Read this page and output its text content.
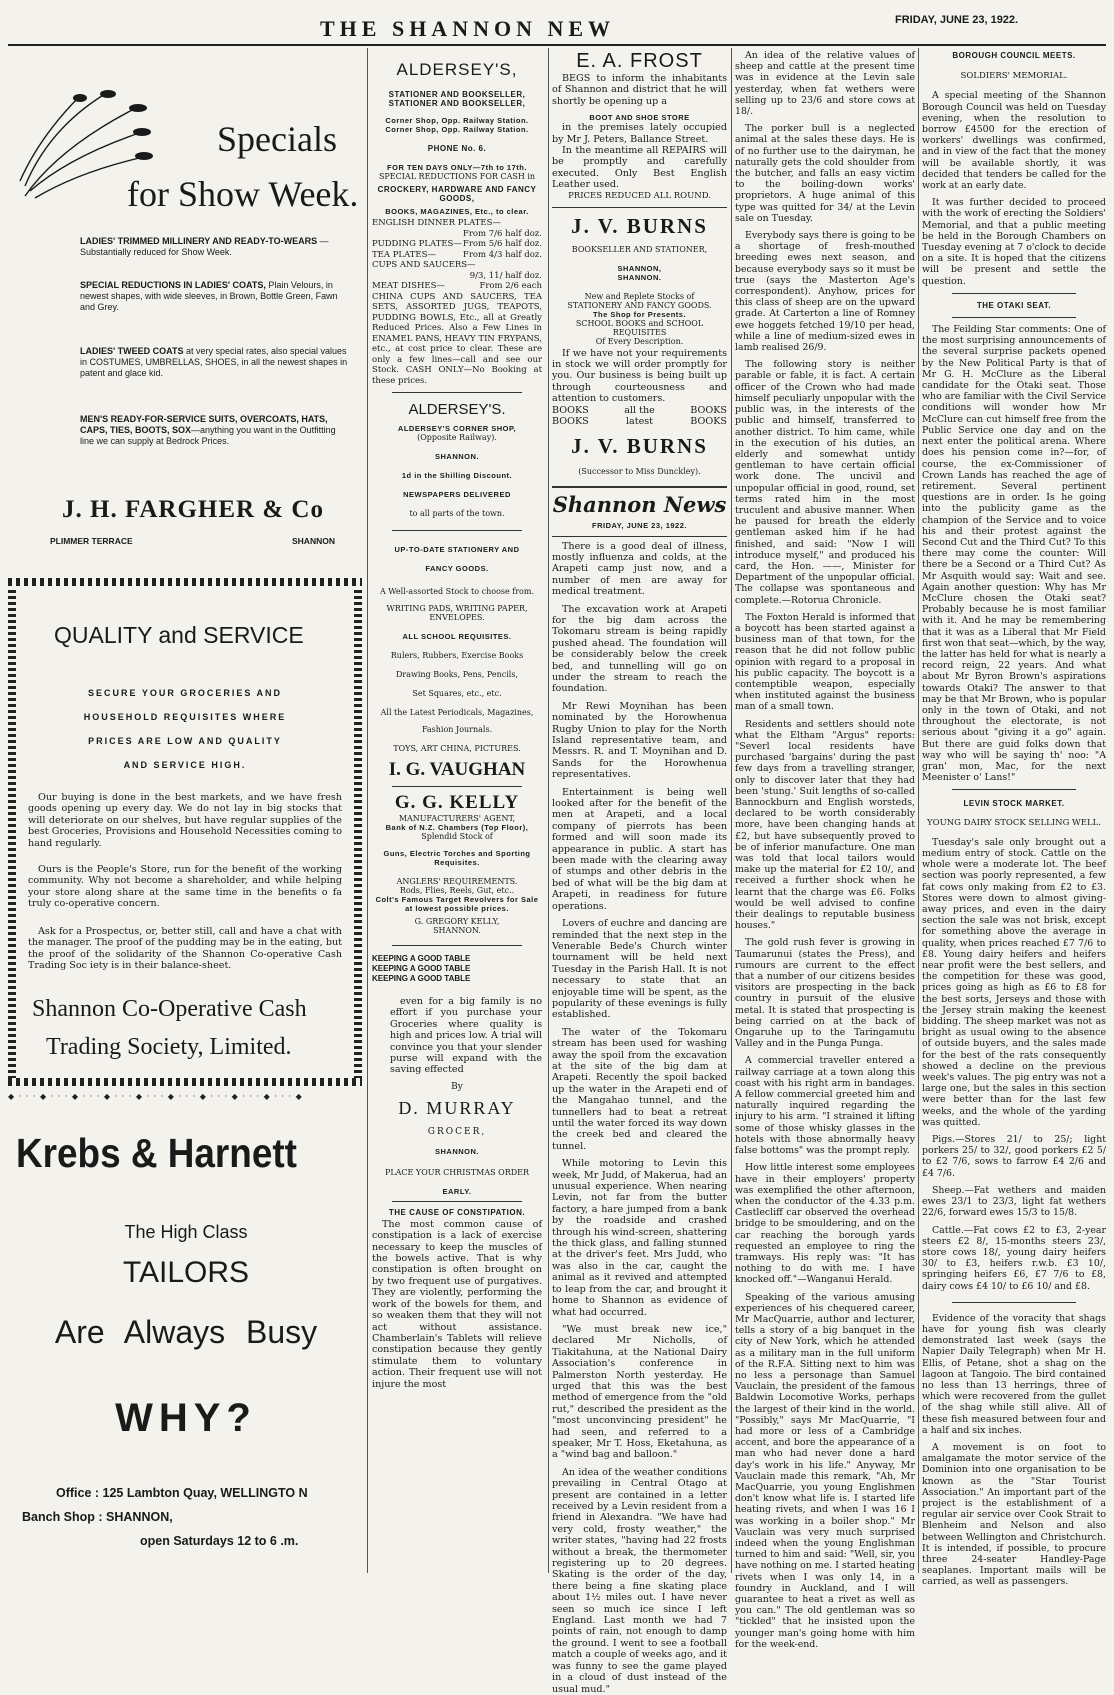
THE SHANNON NEW	FRIDAY, JUNE 23, 1922.
Specials
for Show Week.
LADIES' TRIMMED MILLINERY AND READY-TO-WEARS — Substantially reduced for Show Week.
SPECIAL REDUCTIONS IN LADIES' COATS, Plain Velours, in newest shapes, with wide sleeves, in Brown, Bottle Green, Fawn and Grey.
LADIES' TWEED COATS at very special rates, also special values in COSTUMES, UMBRELLAS, SHOES, in all the newest shapes in patent and glace kid.
MEN'S READY-FOR-SERVICE SUITS, OVERCOATS, HATS, CAPS, TIES, BOOTS, SOX—anything you want in the Outfitting line we can supply at Bedrock Prices.
J. H. FARGHER & Co
PLIMMER TERRACE	SHANNON
QUALITY and SERVICE
SECURE YOUR GROCERIES AND
HOUSEHOLD REQUISITES WHERE
PRICES ARE LOW AND QUALITY
AND SERVICE HIGH.

Our buying is done in the best markets, and we have fresh goods opening up every day. We do not lay in big stocks that will deteriorate on our shelves, but have regular supplies of the best Groceries, Provisions and Household Necessities coming to hand regularly.

Ours is the People's Store, run for the benefit of the working community. Why not become a shareholder, and while helping your store along share at the same time in the benefits o fa truly co-operative concern.

Ask for a Prospectus, or, better still, call and have a chat with the manager. The proof of the pudding may be in the eating, but the proof of the solidarity of the Shannon Co-operative Cash Trading Soc iety is in their balance-sheet.

Shannon Co-Operative Cash
Trading Society, Limited.
◆ · · · ◆ · · · ◆ · · · ◆ · · · ◆ · · · ◆ · · · ◆ · · · ◆ · · · ◆ · · · ◆
Krebs & Harnett
The High Class
TAILORS
Are Always Busy
WHY?
Office : 125 Lambton Quay, WELLINGTO N
Banch Shop : SHANNON,
open Saturdays 12 to 6 .m.
ALDERSEY'S,
STATIONER AND BOOKSELLER,
STATIONER AND BOOKSELLER,
Corner Shop, Opp. Railway Station.
Corner Shop, Opp. Railway Station.
PHONE No. 6.
FOR TEN DAYS ONLY—7th to 17th.
SPECIAL REDUCTIONS FOR CASH in
CROCKERY, HARDWARE AND FANCY GOODS,
BOOKS, MAGAZINES, Etc., to clear.
ENGLISH DINNER PLATES—
From 7/6 half doz.
PUDDING PLATES— From 5/6 half doz.
TEA PLATES—	From 4/3 half doz.
CUPS AND SAUCERS—
9/3, 11/ half doz.
MEAT DISHES—	From 2/6 each

CHINA CUPS AND SAUCERS, TEA SETS, ASSORTED JUGS, TEAPOTS, PUDDING BOWLS, Etc., all at Greatly Reduced Prices. Also a Few Lines in ENAMEL PANS, HEAVY TIN FRYPANS, etc., at cost price to clear. These are only a few lines—call and see our Stock. CASH ONLY—No Booking at these prices.

ALDERSEY'S.
ALDERSEY'S CORNER SHOP,
(Opposite Railway).
SHANNON.
1d in the Shilling Discount.
NEWSPAPERS DELIVERED
to all parts of the town.
UP-TO-DATE STATIONERY AND
FANCY GOODS.
A Well-assorted Stock to choose from.
WRITING PADS, WRITING PAPER, ENVELOPES.
ALL SCHOOL REQUISITES.
Rulers, Rubbers, Exercise Books
Drawing Books, Pens, Pencils,
Set Squares, etc., etc.
All the Latest Periodicals, Magazines,
Fashion Journals.
TOYS, ART CHINA, PICTURES.
I. G. VAUGHAN
G. G. KELLY
MANUFACTURERS' AGENT,
Bank of N.Z. Chambers (Top Floor),
Splendid Stock of
Guns, Electric Torches and Sporting Requisites.
ANGLERS' REQUIREMENTS.
Rods, Flies, Reels, Gut, etc..
Colt's Famous Target Revolvers for Sale at lowest possible prices.
G. GREGORY KELLY,
SHANNON.
KEEPING A GOOD TABLE
KEEPING A GOOD TABLE
KEEPING A GOOD TABLE

even for a big family is no effort if you purchase your Groceries where quality is high and prices low. A trial will convince you that your slender purse will expand with the saving effected

By
D. MURRAY
GROCER,
SHANNON.
PLACE YOUR CHRISTMAS ORDER
EARLY.
THE CAUSE OF CONSTIPATION.

The most common cause of constipation is a lack of exercise necessary to keep the muscles of the bowels active. That is why constipation is often brought on by two frequent use of purgatives. They are violently, performing the work of the bowels for them, and so weaken them that they will not act without assistance. Chamberlain's Tablets will relieve constipation because they gently stimulate them to voluntary action. Their frequent use will not injure the most

E. A. FROST

BEGS to inform the inhabitants of Shannon and district that he will shortly be opening up a

BOOT AND SHOE STORE

in the premises lately occupied by Mr J. Peters, Ballance Street.

In the meantime all REPAIRS will be promptly and carefully executed. Only Best English Leather used.

PRICES REDUCED ALL ROUND.
J. V. BURNS
BOOKSELLER AND STATIONER,
SHANNON,
SHANNON.
New and Replete Stocks of
STATIONERY AND FANCY GOODS.
The Shop for Presents.
SCHOOL BOOKS and SCHOOL REQUISITES
Of Every Description.

If we have not your requirements in stock we will order promptly for you. Our business is being built up through courteousness and attention to customers.

BOOKS	all the	BOOKS
BOOKS	latest	BOOKS
J. V. BURNS
(Successor to Miss Dunckley).
Shannon News
FRIDAY, JUNE 23, 1922.

There is a good deal of illness, mostly influenza and colds, at the Arapeti camp just now, and a number of men are away for medical treatment.

The excavation work at Arapeti for the big dam across the Tokomaru stream is being rapidly pushed ahead. The foundation will be considerably below the creek bed, and tunnelling will go on under the stream to reach the foundation.

Mr Rewi Moynihan has been nominated by the Horowhenua Rugby Union to play for the North Island representative team, and Messrs. R. and T. Moynihan and D. Sands for the Horowhenua representatives.

Entertainment is being well looked after for the benefit of the men at Arapeti, and a local company of pierrots has been formed and will soon made its appearance in public. A start has been made with the clearing away of stumps and other debris in the bed of what will be the big dam at Arapeti, in readiness for future operations.

Lovers of euchre and dancing are reminded that the next step in the Venerable Bede's Church winter tournament will be held next Tuesday in the Parish Hall. It is not necessary to state that an enjoyable time will be spent, as the popularity of these evenings is fully established.

The water of the Tokomaru stream has been used for washing away the spoil from the excavation at the site of the big dam at Arapeti. Recently the spoil backed up the water in the Arapeti end of the Mangahao tunnel, and the tunnellers had to beat a retreat until the water forced its way down the creek bed and cleared the tunnel.

While motoring to Levin this week, Mr Judd, of Makerua, had an unusual experience. When nearing Levin, not far from the butter factory, a hare jumped from a bank by the roadside and crashed through his wind-screen, shattering the thick glass, and falling stunned at the driver's feet. Mrs Judd, who was also in the car, caught the animal as it revived and attempted to leap from the car, and brought it home to Shannon as evidence of what had occurred.

"We must break new ice," declared Mr Nicholls, of Tiakitahuna, at the National Dairy Association's conference in Palmerston North yesterday. He urged that this was the best method of emergence from the "old rut," described the president as the "most unconvincing president" he had seen, and referred to a speaker, Mr T. Hoss, Eketahuna, as a "wind bag and balloon."

An idea of the weather conditions prevailing in Central Otago at present are contained in a letter received by a Levin resident from a friend in Alexandra. "We have had very cold, frosty weather," the writer states, "having had 22 frosts without a break, the thermometer registering up to 20 degrees. Skating is the order of the day, there being a fine skating place about 1½ miles out. I have never seen so much ice since I left England. Last month we had 7 points of rain, not enough to damp the ground. I went to see a football match a couple of weeks ago, and it was funny to see the game played in a cloud of dust instead of the usual mud."

An idea of the relative values of sheep and cattle at the present time was in evidence at the Levin sale yesterday, when fat wethers were selling up to 23/6 and store cows at 18/.

The porker bull is a neglected animal at the sales these days. He is of no further use to the dairyman, he naturally gets the cold shoulder from the butcher, and falls an easy victim to the boiling-down works' proprietors. A huge animal of this type was quitted for 34/ at the Levin sale on Tuesday.

Everybody says there is going to be a shortage of fresh-mouthed breeding ewes next season, and because everybody says so it must be true (says the Masterton Age's correspondent). Anyhow, prices for this class of sheep are on the upward grade. At Carterton a line of Romney ewe hoggets fetched 19/10 per head, while a line of medium-sized ewes in lamb realised 26/9.

The following story is neither parable or fable, it is fact. A certain officer of the Crown who had made himself peculiarly unpopular with the public was, in the interests of the public and himself, transferred to another district. To him came, while in the execution of his duties, an elderly and somewhat untidy gentleman to have certain official work done. The uncivil and unpopular official in good, round, set terms rated him in the most truculent and abusive manner. When he paused for breath the elderly gentleman asked him if he had finished, and said: "Now I will introduce myself," and produced his card, the Hon. ——, Minister for Department of the unpopular official. The collapse was spontaneous and complete.—Rotorua Chronicle.

The Foxton Herald is informed that a boycott has been started against a business man of that town, for the reason that he did not follow public opinion with regard to a proposal in his public capacity. The boycott is a contemptible weapon, especially when instituted against the business man of a small town.

Residents and settlers should note what the Eltham "Argus" reports: "Severl local residents have purchased 'bargains' during the past few days from a travelling stranger, only to discover later that they had been 'stung.' Suit lengths of so-called Bannockburn and English worsteds, declared to be worth considerably more, have been changing hands at £2, but have subsequently proved to be of inferior manufacture. One man was told that local tailors would make up the material for £2 10/, and received a further shock when he learnt that the charge was £6. Folks would be well advised to confine their dealings to reputable business houses."

The gold rush fever is growing in Taumarunui (states the Press), and rumours are current to the effect that a number of our citizens besides visitors are prospecting in the back country in pursuit of the elusive metal. It is stated that prospecting is being carried on at the back of Ongaruhe up to the Taringamutu Valley and in the Punga Punga.

A commercial traveller entered a railway carriage at a town along this coast with his right arm in bandages. A fellow commercial greeted him and naturally inquired regarding the injury to his arm. "I strained it lifting some of those whisky glasses in the hotels with those abnormally heavy false bottoms" was the prompt reply.

How little interest some employees have in their employers' property was exemplified the other afternoon, when the conductor of the 4.33 p.m. Castlecliff car observed the overhead bridge to be smouldering, and on the car reaching the borough yards requested an employee to ring the tramways. His reply was: "It has nothing to do with me. I have knocked off."—Wanganui Herald.

Speaking of the various amusing experiences of his chequered career, Mr MacQuarrie, author and lecturer, tells a story of a big banquet in the city of New York, which he attended as a military man in the full uniform of the R.F.A. Sitting next to him was no less a personage than Samuel Vauclain, the president of the famous Baldwin Locomotive Works, perhaps the largest of their kind in the world. "Possibly," says Mr MacQuarrie, "I had more or less of a Cambridge accent, and bore the appearance of a man who had never done a hard day's work in his life." Anyway, Mr Vauclain made this remark, "Ah, Mr MacQuarrie, you young Englishmen don't know what life is. I started life heating rivets, and when I was 16 I was working in a boiler shop." Mr Vauclain was very much surprised indeed when the young Englishman turned to him and said: "Well, sir, you have nothing on me. I started heating rivets when I was only 14, in a foundry in Auckland, and I will guarantee to heat a rivet as well as you can." The old gentleman was so "tickled" that he insisted upon the younger man's going home with him for the week-end.

BOROUGH COUNCIL MEETS.
SOLDIERS' MEMORIAL.

A special meeting of the Shannon Borough Council was held on Tuesday evening, when the resolution to borrow £4500 for the erection of workers' dwellings was confirmed, and in view of the fact that the money will be available shortly, it was decided that tenders be called for the work at an early date.

It was further decided to proceed with the work of erecting the Soldiers' Memorial, and that a public meeting be held in the Borough Chambers on Tuesday evening at 7 o'clock to decide on a site. It is hoped that the citizens will be present and settle the question.

THE OTAKI SEAT.

The Feilding Star comments: One of the most surprising announcements of the several surprise packets opened by the New Political Party is that of Mr G. H. McClure as the Liberal candidate for the Otaki seat. Those who are familiar with the Civil Service conditions will wonder how Mr McClure can cut himself free from the Public Service one day and on the next enter the political arena. Where does his pension come in?—for, of course, the ex-Commissioner of Crown Lands has reached the age of retirement. Several pertinent questions are in order. Is he going into the publicity game as the champion of the Service and to voice his and their protest against the Second Cut and the Third Cut? To this there may come the counter: Will there be a Second or a Third Cut? As Mr Asquith would say: Wait and see. Again another question: Why has Mr McClure chosen the Otaki seat? Probably because he is most familiar with it. And he may be remembering that it was as a Liberal that Mr Field first won that seat—which, by the way, the latter has held for what is nearly a record reign, 22 years. And what about Mr Byron Brown's aspirations towards Otaki? The answer to that may be that Mr Brown, who is popular only in the town of Otaki, and not throughout the electorate, is not serious about "giving it a go" again. But there are guid folks down that way who will be saying th' noo: "A gran' mon, Mac, for the next Meenister o' Lans!"

LEVIN STOCK MARKET.
YOUNG DAIRY STOCK SELLING WELL.

Tuesday's sale only brought out a medium entry of stock. Cattle on the whole were a moderate lot. The beef section was poorly represented, a few fat cows only making from £2 to £3. Stores were down to almost giving-away prices, and even in the dairy section the sale was not brisk, except for something above the average in quality, when prices reached £7 7/6 to £8. Young dairy heifers and heifers near profit were the best sellers, and the competition for these was good, prices going as high as £6 to £8 for the best sorts, Jerseys and those with the Jersey strain making the keenest bidding. The sheep market was not as bright as usual owing to the absence of outside buyers, and the sales made for the best of the rats consequently showed a decline on the previous week's values. The pig entry was not a large one, but the sales in this section were better than for the last few weeks, and the whole of the yarding was quitted.

Pigs.—Stores 21/ to 25/; light porkers 25/ to 32/, good porkers £2 5/ to £2 7/6, sows to farrow £4 2/6 and £4 7/6.

Sheep.—Fat wethers and maiden ewes 23/1 to 23/3, light fat wethers 22/6, forward ewes 15/3 to 15/8.

Cattle.—Fat cows £2 to £3, 2-year steers £2 8/, 15-months steers 23/, store cows 18/, young dairy heifers 30/ to £3, heifers r.w.b. £3 10/, springing heifers £6, £7 7/6 to £8, dairy cows £4 10/ to £6 10/ and £8.

Evidence of the voracity that shags have for young fish was clearly demonstrated last week (says the Napier Daily Telegraph) when Mr H. Ellis, of Petane, shot a shag on the lagoon at Tangoio. The bird contained no less than 13 herrings, three of which were recovered from the gullet of the shag while still alive. All of these fish measured between four and a half and six inches.

A movement is on foot to amalgamate the motor service of the Dominion into one organisation to be known as the "Star Tourist Association." An important part of the project is the establishment of a regular air service over Cook Strait to Blenheim and Nelson and also between Wellington and Christchurch. It is intended, if possible, to procure three 24-seater Handley-Page seaplanes. Important mails will be carried, as well as passengers.
